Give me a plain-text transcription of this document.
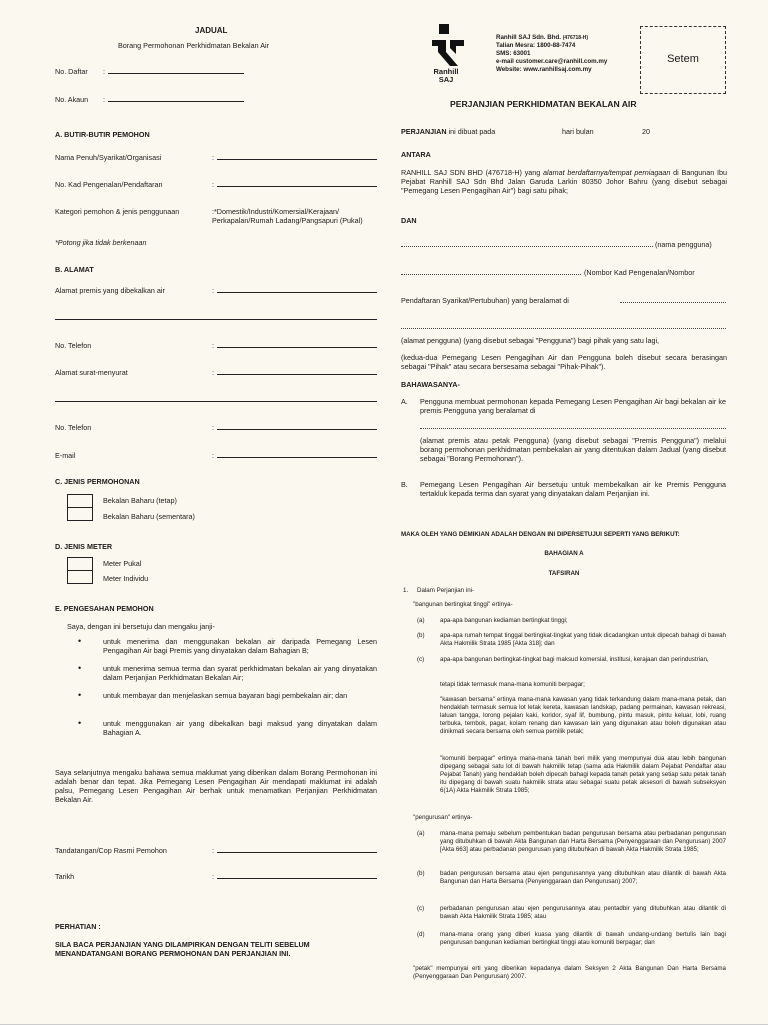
JADUAL
Borang Permohonan Perkhidmatan Bekalan Air
No. Daftar :
No. Akaun :
A. BUTIR-BUTIR PEMOHON
Nama Penuh/Syarikat/Organisasi	:
No. Kad Pengenalan/Pendaftaran	:
Kategori pemohon & jenis penggunaan	:*Domestik/Industri/Komersial/Kerajaan/ Perkapalan/Rumah Ladang/Pangsapuri (Pukal)
*Potong jika tidak berkenaan
B. ALAMAT
Alamat premis yang dibekalkan air	:
No. Telefon	:
Alamat surat-menyurat	:
No. Telefon	:
E-mail	:
C. JENIS PERMOHONAN
Bekalan Baharu (tetap)
Bekalan Baharu (sementara)
D. JENIS METER
Meter Pukal
Meter Individu
E. PENGESAHAN PEMOHON
Saya, dengan ini bersetuju dan mengaku janji-
•	untuk menerima dan menggunakan bekalan air daripada Pemegang Lesen Pengagihan Air bagi Premis yang dinyatakan dalam Bahagian B;
•	untuk menerima semua terma dan syarat perkhidmatan bekalan air yang dinyatakan dalam Perjanjian Perkhidmatan Bekalan Air;
•	untuk membayar dan menjelaskan semua bayaran bagi pembekalan air; dan
•	untuk menggunakan air yang dibekalkan bagi maksud yang dinyatakan dalam Bahagian A.
Saya selanjutnya mengaku bahawa semua maklumat yang diberikan dalam Borang Permohonan ini adalah benar dan tepat. Jika Pemegang Lesen Pengagihan Air mendapati maklumat ini adalah palsu, Pemegang Lesen Pengagihan Air berhak untuk menamatkan Perjanjian Perkhidmatan Bekalan Air.
Tandatangan/Cop Rasmi Pemohon	:
Tarikh	:
PERHATIAN :
SILA BACA PERJANJIAN YANG DILAMPIRKAN DENGAN TELITI SEBELUM MENANDATANGANI BORANG PERMOHONAN DAN PERJANJIAN INI.
Ranhill SAJ
Ranhill SAJ Sdn. Bhd. (476718-H)
Talian Mesra: 1800-88-7474
SMS: 63001
e-mail customer.care@ranhill.com.my
Website: www.ranhillsaj.com.my
Setem
PERJANJIAN PERKHIDMATAN BEKALAN AIR
PERJANJIAN ini dibuat pada	hari bulan	20
ANTARA
RANHILL SAJ SDN BHD (476718-H) yang alamat berdaftarnya/tempat perniagaan di Bangunan Ibu Pejabat Ranhill SAJ Sdn Bhd Jalan Garuda Larkin 80350 Johor Bahru (yang disebut sebagai "Pemegang Lesen Pengagihan Air") bagi satu pihak;
DAN
(nama pengguna)
(Nombor Kad Pengenalan/Nombor
Pendaftaran Syarikat/Pertubuhan) yang beralamat di
(alamat pengguna) (yang disebut sebagai "Pengguna") bagi pihak yang satu lagi,
(kedua-dua Pemegang Lesen Pengagihan Air dan Pengguna boleh disebut secara berasingan sebagai "Pihak" atau secara bersesama sebagai "Pihak-Pihak").
BAHAWASANYA-
A. Pengguna membuat permohonan kepada Pemegang Lesen Pengagihan Air bagi bekalan air ke premis Pengguna yang beralamat di
(alamat premis atau petak Pengguna) (yang disebut sebagai "Premis Pengguna") melalui borang permohonan perkhidmatan pembekalan air yang ditentukan dalam Jadual (yang disebut sebagai "Borang Permohonan").
B. Pemegang Lesen Pengagihan Air bersetuju untuk membekalkan air ke Premis Pengguna tertakluk kepada terma dan syarat yang dinyatakan dalam Perjanjian ini.
MAKA OLEH YANG DEMIKIAN ADALAH DENGAN INI DIPERSETUJUI SEPERTI YANG BERIKUT:
BAHAGIAN A
TAFSIRAN
1. Dalam Perjanjian ini-
"bangunan bertingkat tinggi" ertinya-
(a) apa-apa bangunan kediaman bertingkat tinggi;
(b) apa-apa rumah tempat tinggal bertingkat-tingkat yang tidak dicadangkan untuk dipecah bahagi di bawah Akta Hakmilik Strata 1985 [Akta 318]; dan
(c)	apa-apa bangunan bertingkat-tingkat bagi maksud komersial, institusi, kerajaan dan perindustrian,
tetapi tidak termasuk mana-mana komuniti berpagar;
"kawasan bersama" ertinya mana-mana kawasan yang tidak terkandung dalam mana-mana petak, dan hendaklah termasuk semua lot letak kereta, kawasan landskap, padang permainan, kawasan rekreasi, laluan tangga, lorong pejalan kaki, koridor, syaf lif, bumbung, pintu masuk, pintu keluar, lobi, ruang terbuka, tembok, pagar, kolam renang dan kawasan lain yang digunakan atau boleh digunakan atau dinikmati secara bersama oleh semua pemilik petak;
"komuniti berpagar" ertinya mana-mana tanah beri milik yang mempunyai dua atau lebih bangunan dipegang sebagai satu lot di bawah hakmilik tetap (sama ada Hakmilik dalam Pejabat Pendaftar atau Pejabat Tanah) yang hendaklah boleh dipecah bahagi kepada tanah petak yang setiap satu petak tanah itu dipegang di bawah suatu hakmilik strata atau sebagai suatu petak aksesori di bawah subseksyen 6(1A) Akta Hakmilik Strata 1985;
"pengurusan" ertinya-
(a) mana-mana pemaju sebelum pembentukan badan pengurusan bersama atau perbadanan pengurusan yang ditubuhkan di bawah Akta Bangunan dan Harta Bersama (Penyenggaraan dan Pengurusan) 2007 [Akta 663] atau perbadanan pengurusan yang ditubuhkan di bawah Akta Hakmilik Strata 1985;
(b) badan pengurusan bersama atau ejen pengurusannya yang ditubuhkan atau dilantik di bawah Akta Bangunan dan Harta Bersama (Penyenggaraan dan Pengurusan) 2007;
(c)	perbadanan pengurusan atau ejen pengurusannya atau pentadbir yang ditubuhkan atau dilantik di bawah Akta Hakmilik Strata 1985; atau
(d) mana-mana orang yang diberi kuasa yang dilantik di bawah undang-undang bertulis lain bagi pengurusan bangunan kediaman bertingkat tinggi atau komuniti berpagar; dan
"petak" mempunyai erti yang diberikan kepadanya dalam Seksyen 2 Akta Bangunan Dan Harta Bersama (Penyenggaraan Dan Pengurusan) 2007.
